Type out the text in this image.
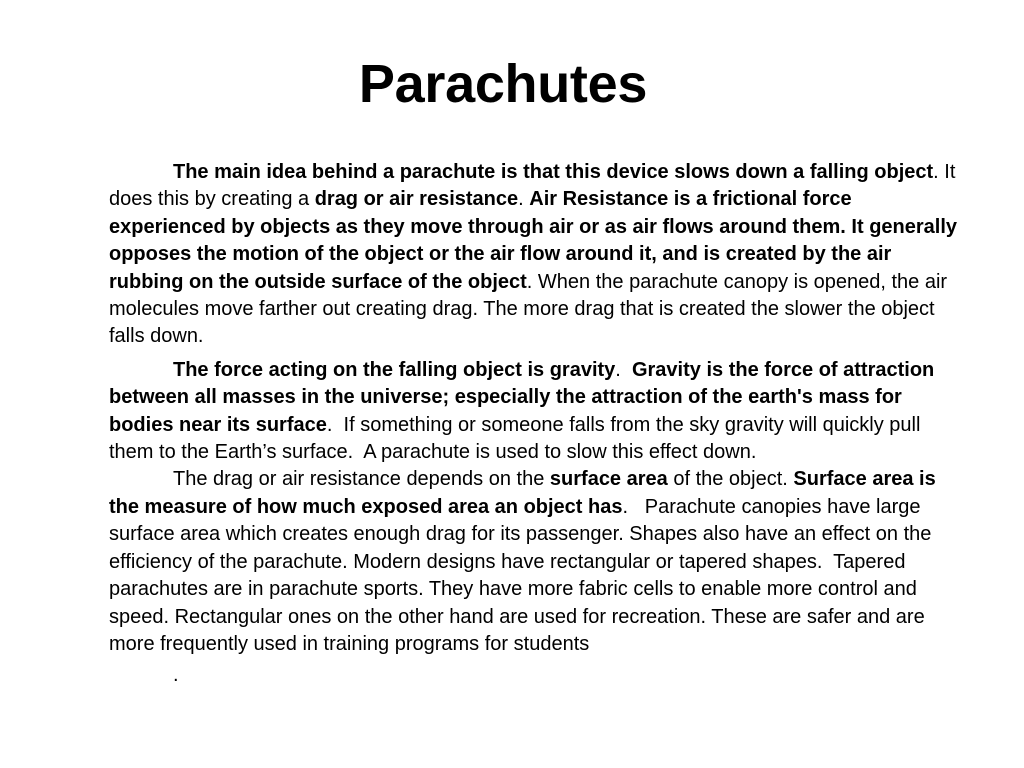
Parachutes

The main idea behind a parachute is that this device slows down a falling object. It does this by creating a drag or air resistance. Air Resistance is a frictional force experienced by objects as they move through air or as air flows around them. It generally opposes the motion of the object or the air flow around it, and is created by the air rubbing on the outside surface of the object. When the parachute canopy is opened, the air molecules move farther out creating drag. The more drag that is created the slower the object falls down.

The force acting on the falling object is gravity.  Gravity is the force of attraction between all masses in the universe; especially the attraction of the earth's mass for bodies near its surface.  If something or someone falls from the sky gravity will quickly pull them to the Earth’s surface.  A parachute is used to slow this effect down.

The drag or air resistance depends on the surface area of the object. Surface area is the measure of how much exposed area an object has.   Parachute canopies have large surface area which creates enough drag for its passenger. Shapes also have an effect on the efficiency of the parachute. Modern designs have rectangular or tapered shapes.  Tapered parachutes are in parachute sports. They have more fabric cells to enable more control and speed. Rectangular ones on the other hand are used for recreation. These are safer and are more frequently used in training programs for students

.
